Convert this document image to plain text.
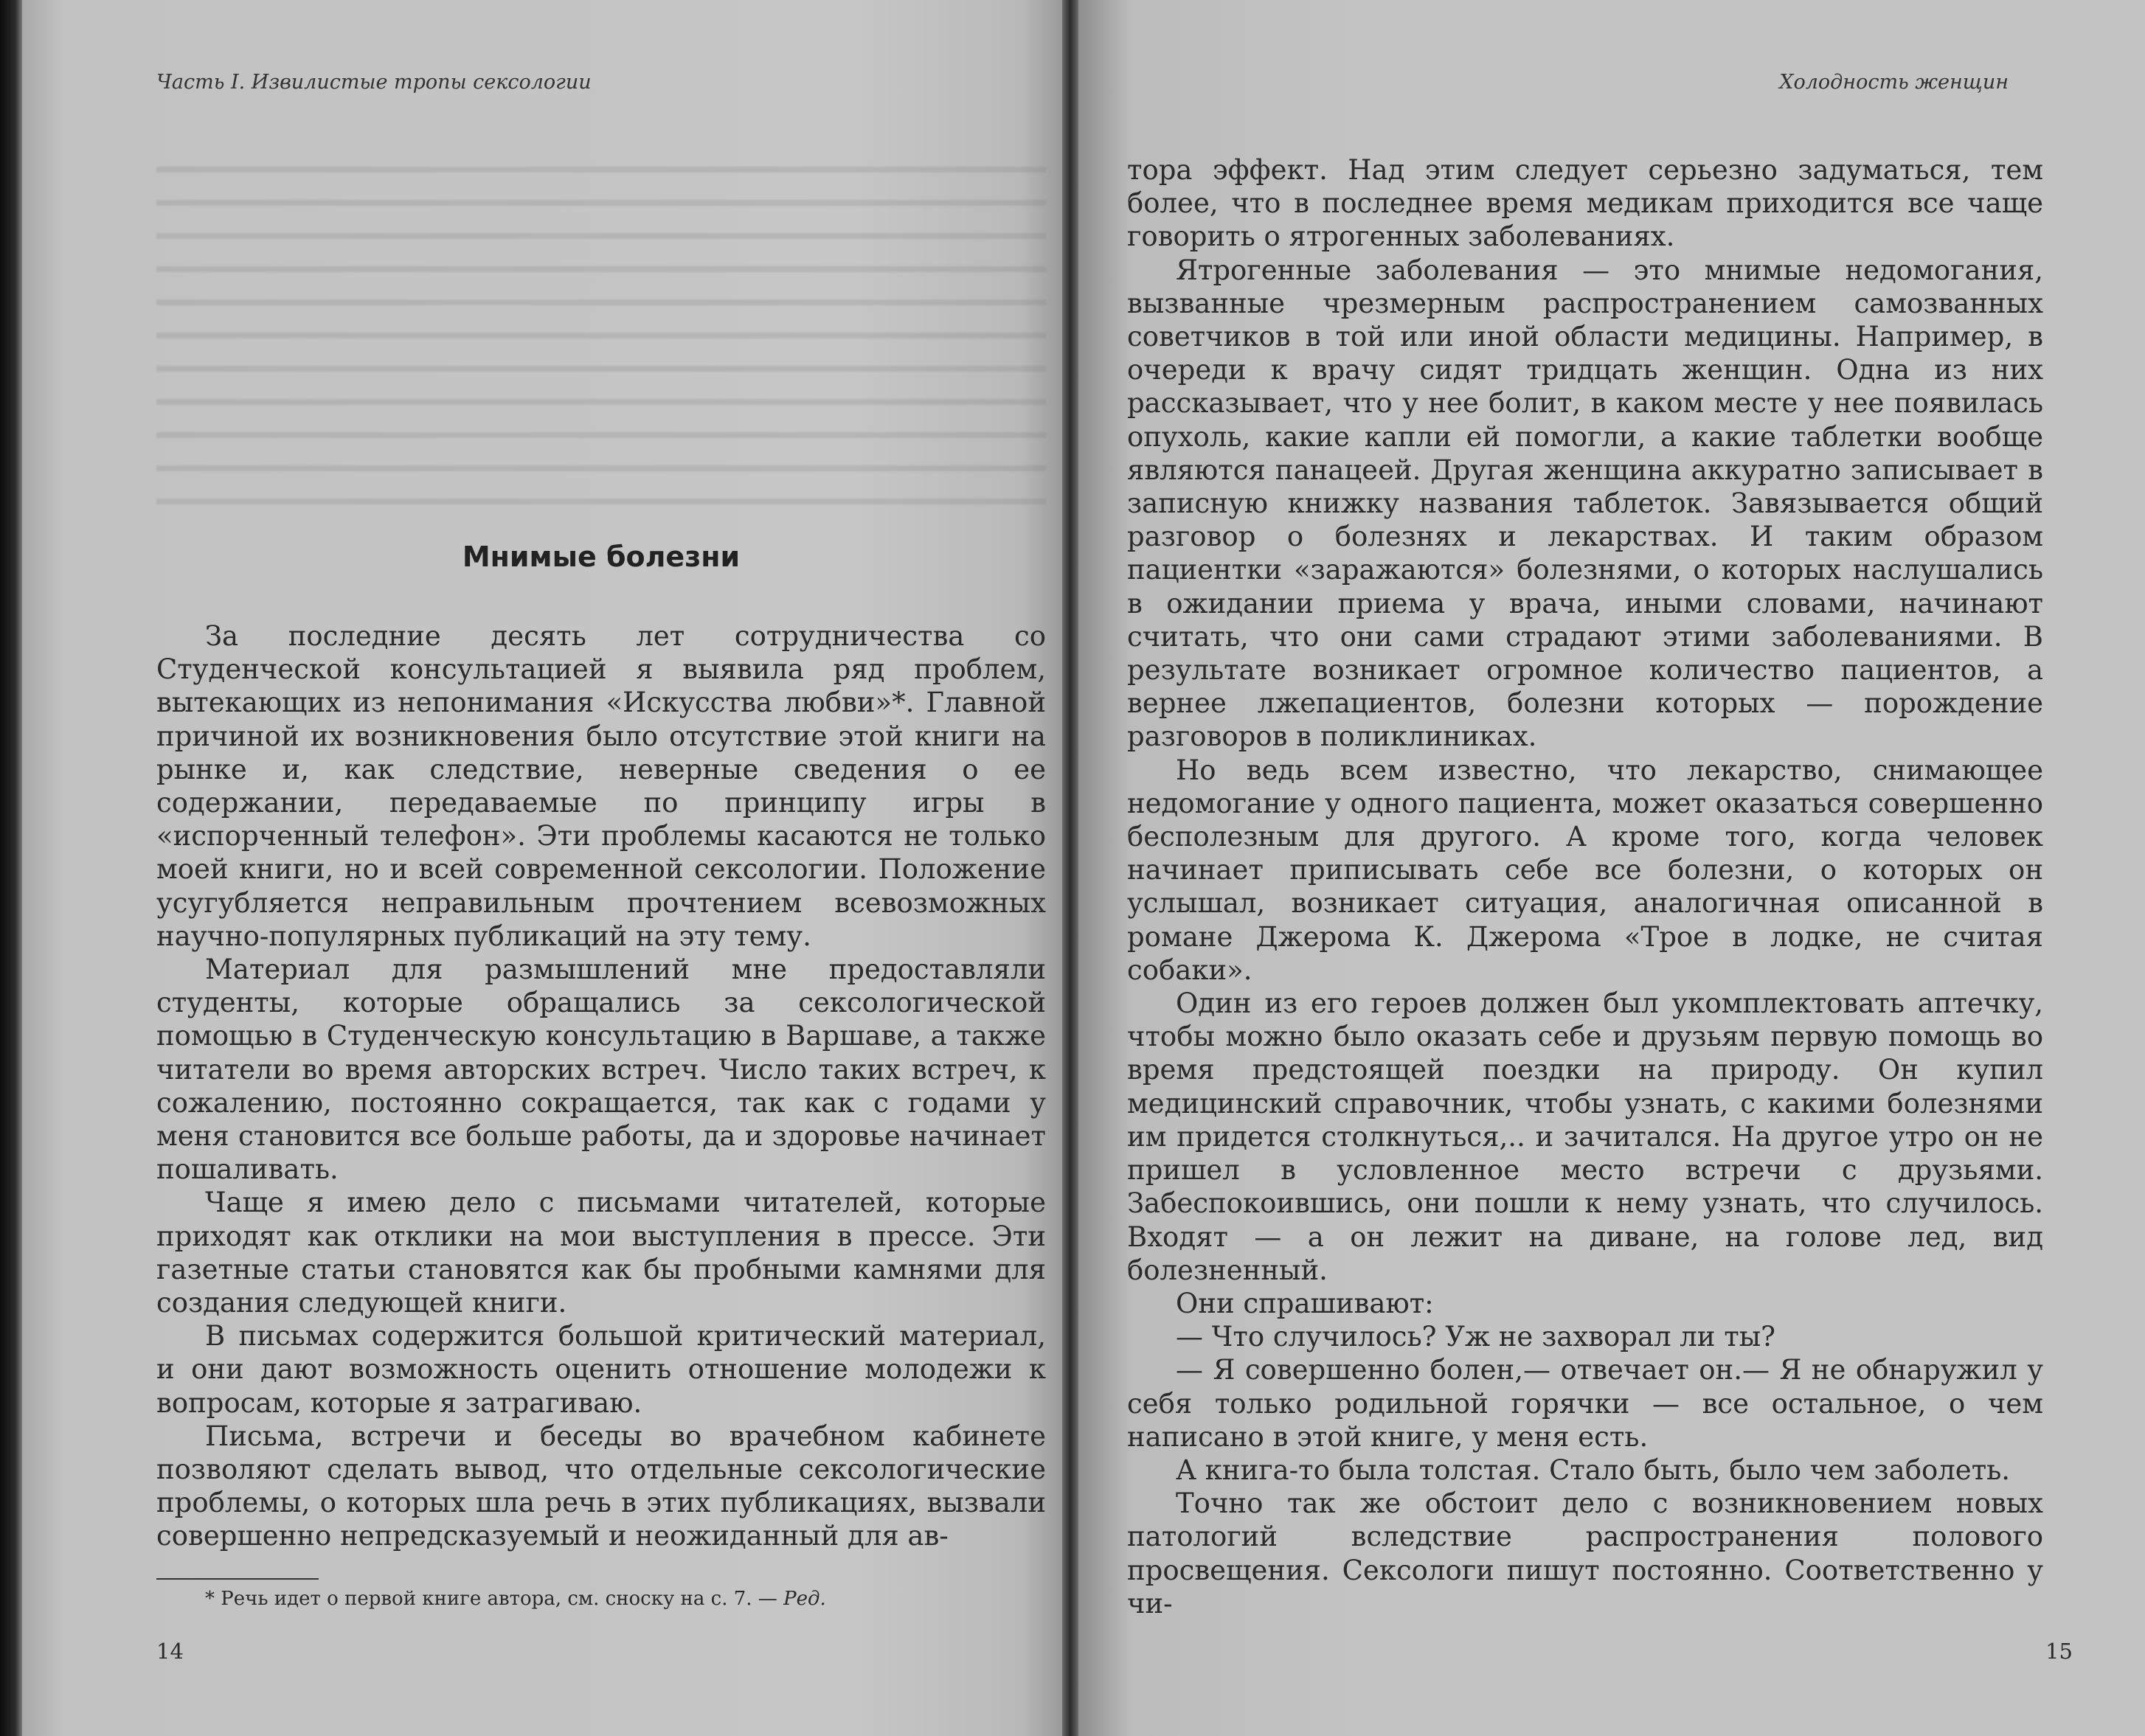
Часть I. Извилистые тропы сексологии
Мнимые болезни

За последние десять лет сотрудничества со Студенческой консультацией я выявила ряд проблем, вытекающих из непонимания «Искусства любви»*. Главной причиной их возникновения было отсутствие этой книги на рынке и, как следствие, неверные сведения о ее содержании, передаваемые по принципу игры в «испорченный телефон». Эти проблемы касаются не только моей книги, но и всей современной сексологии. Положение усугубляется неправильным прочтением всевозможных научно-популярных публикаций на эту тему.

Материал для размышлений мне предоставляли студенты, которые обращались за сексологической помощью в Студенческую консультацию в Варшаве, а также читатели во время авторских встреч. Число таких встреч, к сожалению, постоянно сокращается, так как с годами у меня становится все больше работы, да и здоровье начинает пошаливать.

Чаще я имею дело с письмами читателей, которые приходят как отклики на мои выступления в прессе. Эти газетные статьи становятся как бы пробными камнями для создания следующей книги.

В письмах содержится большой критический материал, и они дают возможность оценить отношение молодежи к вопросам, которые я затрагиваю.

Письма, встречи и беседы во врачебном кабинете позволяют сделать вывод, что отдельные сексологические проблемы, о которых шла речь в этих публикациях, вызвали совершенно непредсказуемый и неожиданный для ав-

* Речь идет о первой книге автора, см. сноску на с. 7. — Ред.
14
Холодность женщин

тора эффект. Над этим следует серьезно задуматься, тем более, что в последнее время медикам приходится все чаще говорить о ятрогенных заболеваниях.

Ятрогенные заболевания — это мнимые недомогания, вызванные чрезмерным распространением самозванных советчиков в той или иной области медицины. Например, в очереди к врачу сидят тридцать женщин. Одна из них рассказывает, что у нее болит, в каком месте у нее появилась опухоль, какие капли ей помогли, а какие таблетки вообще являются панацеей. Другая женщина аккуратно записывает в записную книжку названия таблеток. Завязывается общий разговор о болезнях и лекарствах. И таким образом пациентки «заражаются» болезнями, о которых наслушались в ожидании приема у врача, иными словами, начинают считать, что они сами страдают этими заболеваниями. В результате возникает огромное количество пациентов, а вернее лжепациентов, болезни которых — порождение разговоров в поликлиниках.

Но ведь всем известно, что лекарство, снимающее недомогание у одного пациента, может оказаться совершенно бесполезным для другого. А кроме того, когда человек начинает приписывать себе все болезни, о которых он услышал, возникает ситуация, аналогичная описанной в романе Джерома К. Джерома «Трое в лодке, не считая собаки».

Один из его героев должен был укомплектовать аптечку, чтобы можно было оказать себе и друзьям первую помощь во время предстоящей поездки на природу. Он купил медицинский справочник, чтобы узнать, с какими болезнями им придется столкнуться,.. и зачитался. На другое утро он не пришел в условленное место встречи с друзьями. Забеспокоившись, они пошли к нему узнать, что случилось. Входят — а он лежит на диване, на голове лед, вид болезненный.

Они спрашивают:

— Что случилось? Уж не захворал ли ты?

— Я совершенно болен,— отвечает он.— Я не обнаружил у себя только родильной горячки — все остальное, о чем написано в этой книге, у меня есть.

А книга-то была толстая. Стало быть, было чем заболеть.

Точно так же обстоит дело с возникновением новых патологий вследствие распространения полового просвещения. Сексологи пишут постоянно. Соответственно у чи-

15
